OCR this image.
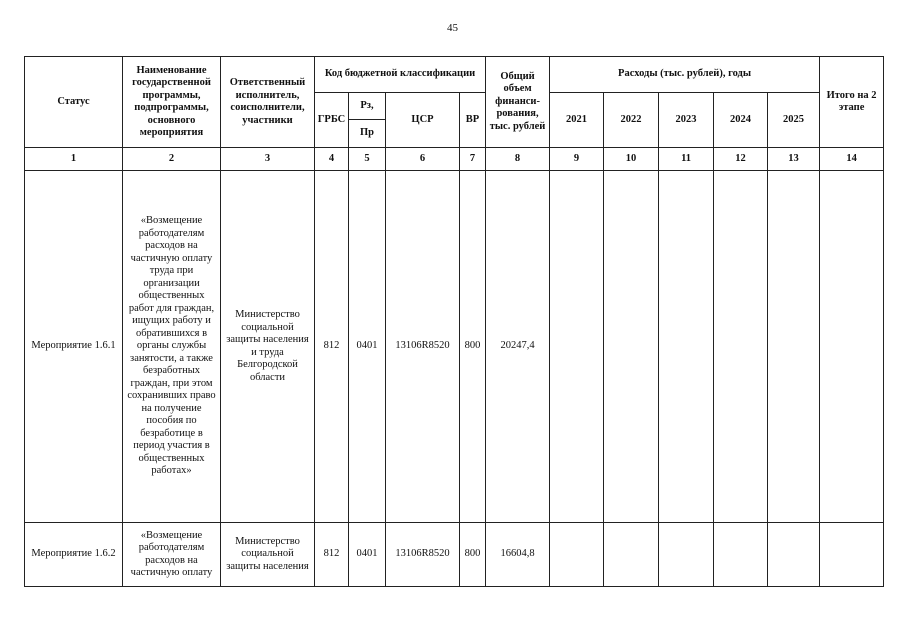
45
Статус	Наименование государственной программы, подпрограммы, основного мероприятия	Ответственный исполнитель, соисполнители, участники	Код бюджетной классификации				Общий объем финанси-рования, тыс. рублей	Расходы (тыс. рублей), годы					Итого на 2 этапе
			ГРБС	Рз,	ЦСР	ВР		2021	2022	2023	2024	2025	
				Пр									
1	2	3	4	5	6	7	8	9	10	11	12	13	14
Мероприятие 1.6.1	«Возмещение работодателям расходов на частичную оплату труда при организации общественных работ для граждан, ищущих работу и обратившихся в органы службы занятости, а также безработных граждан, при этом сохранивших право на получение пособия по безработице в период участия в общественных работах»	Министерство социальной защиты населения и труда Белгородской области	812	0401	13106R8520	800	20247,4						
Мероприятие 1.6.2	«Возмещение работодателям расходов на частичную оплату	Министерство социальной защиты населения	812	0401	13106R8520	800	16604,8						
